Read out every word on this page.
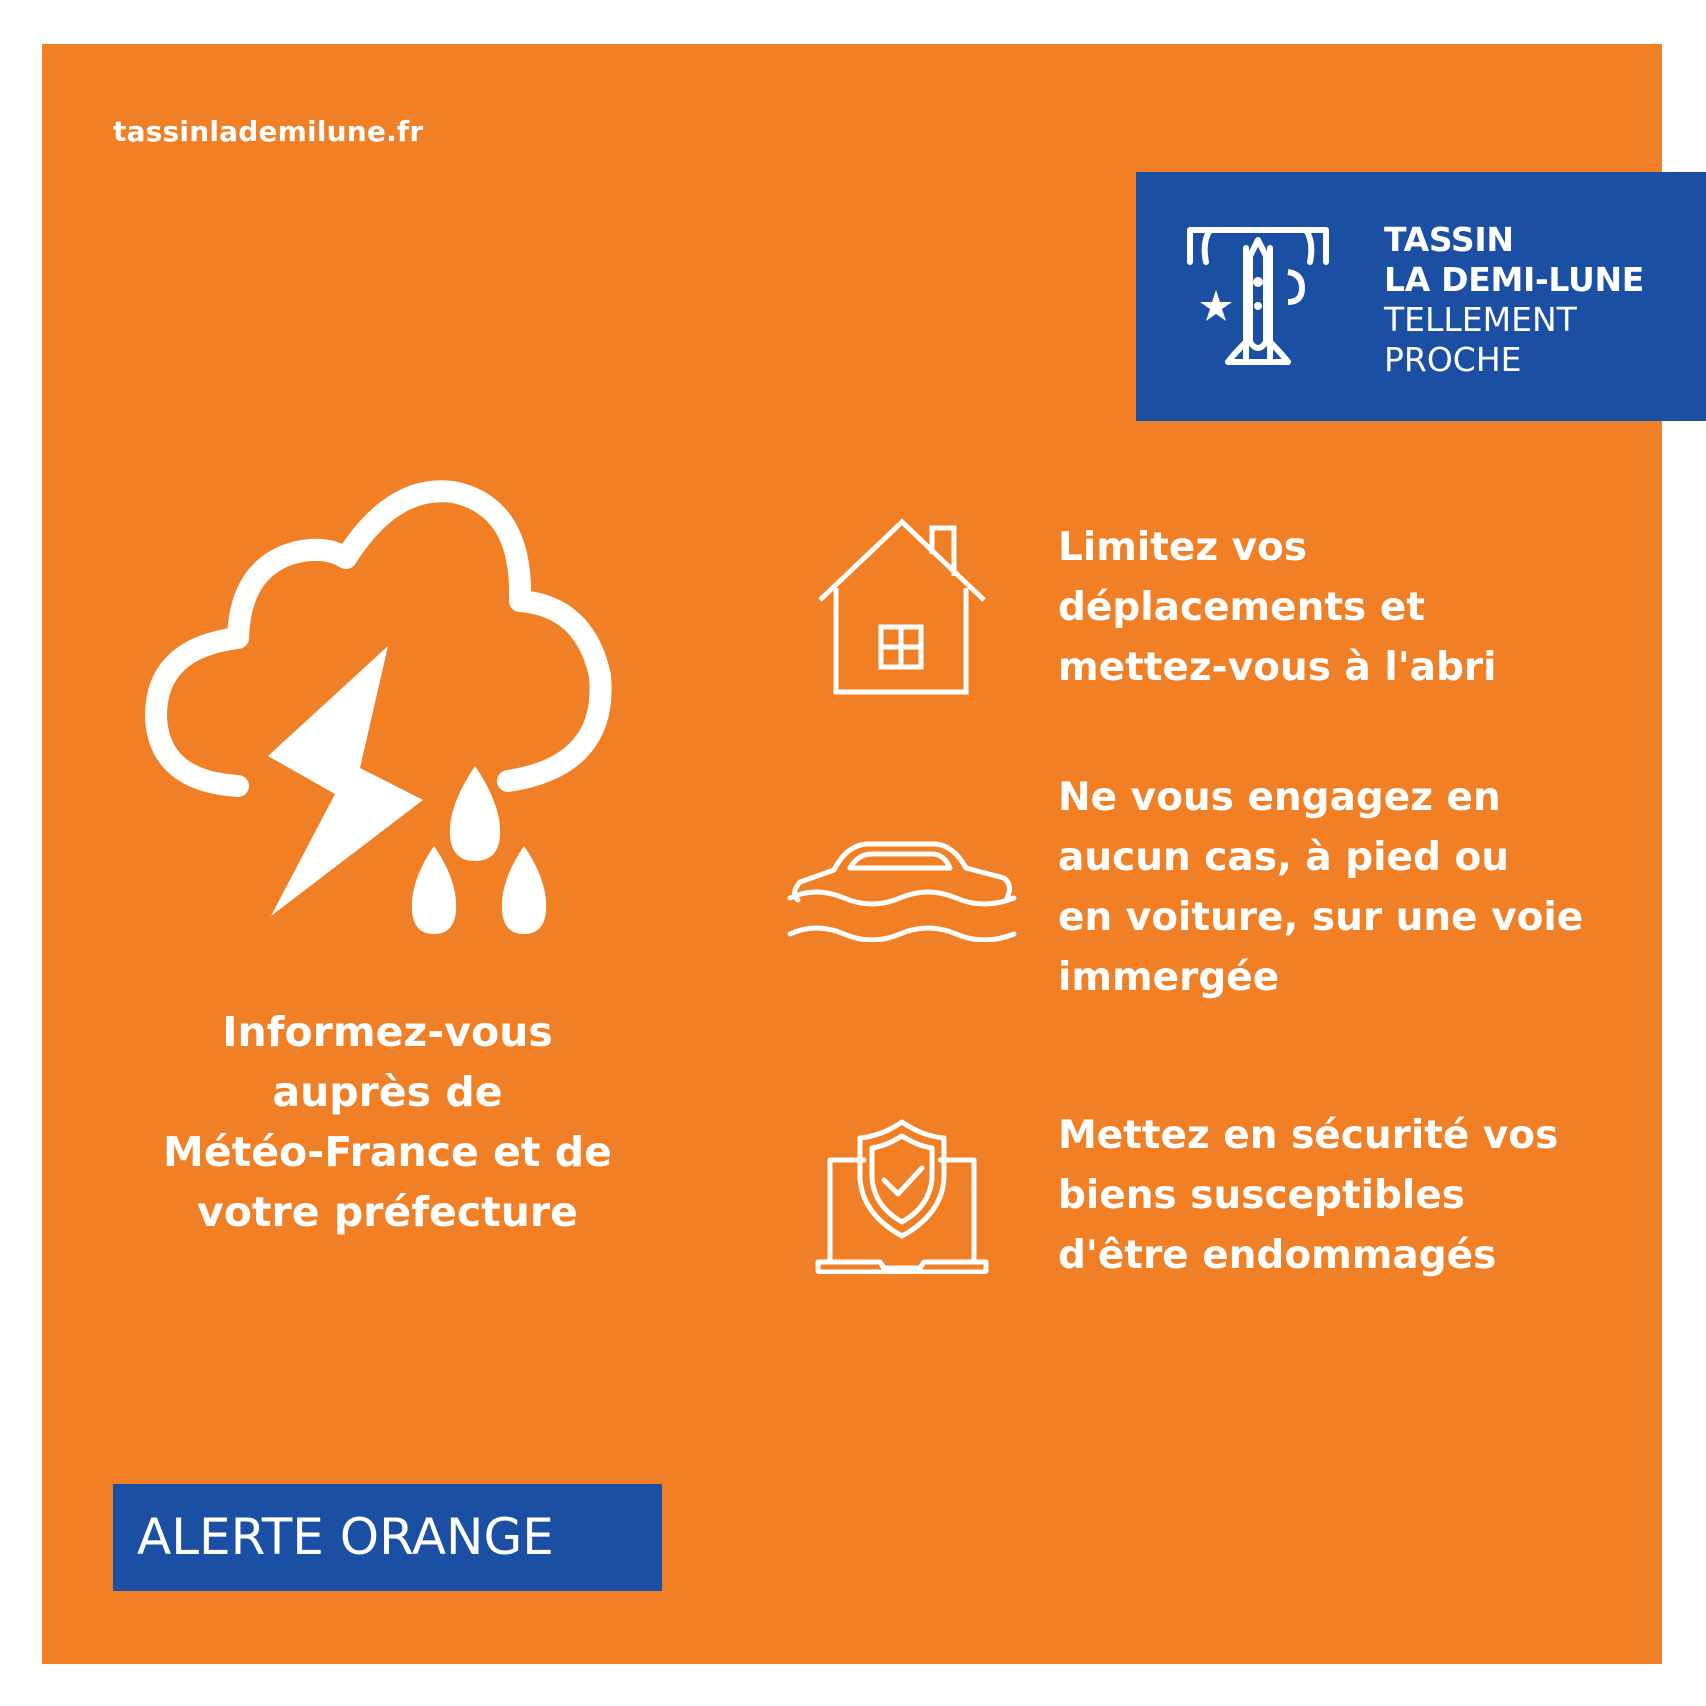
tassinlademilune.fr
TASSIN
LA DEMI-LUNE
TELLEMENT
PROCHE
Informez-vous
auprès de
Météo-France et de
votre préfecture
Limitez vos
déplacements et
mettez-vous à l'abri
Ne vous engagez en
aucun cas, à pied ou
en voiture, sur une voie
immergée
Mettez en sécurité vos
biens susceptibles
d'être endommagés
ALERTE ORANGE
